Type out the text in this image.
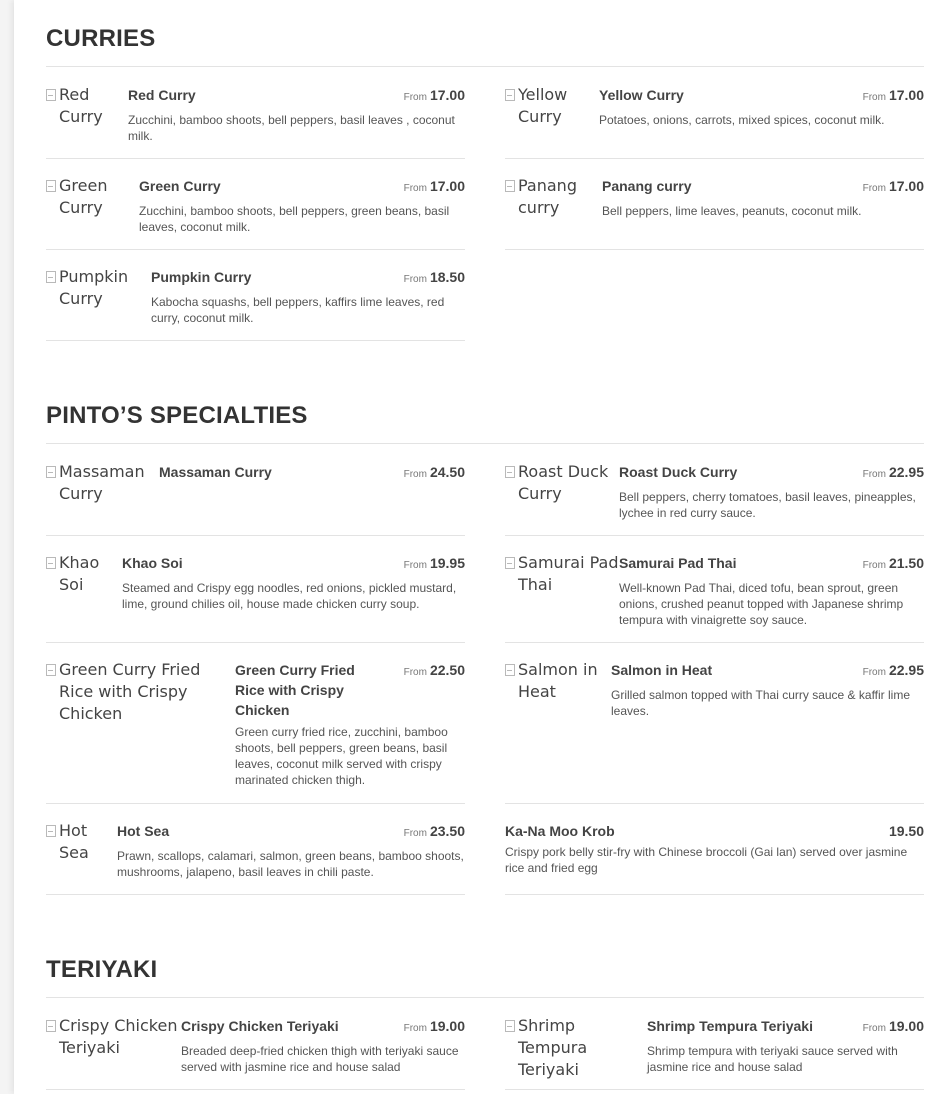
CURRIES
Red Curry
Red Curry	From 17.00
Zucchini, bamboo shoots, bell peppers, basil leaves , coconut milk.
Yellow Curry
Yellow Curry	From 17.00
Potatoes, onions, carrots, mixed spices, coconut milk.
Green Curry
Green Curry	From 17.00
Zucchini, bamboo shoots, bell peppers, green beans, basil leaves, coconut milk.
Panang curry
Panang curry	From 17.00
Bell peppers, lime leaves, peanuts, coconut milk.
Pumpkin Curry
Pumpkin Curry	From 18.50
Kabocha squashs, bell peppers, kaffirs lime leaves, red curry, coconut milk.
PINTO’S SPECIALTIES
Massaman Curry
Massaman Curry	From 24.50	Roast Duck Curry
Roast Duck Curry	From 22.95
Bell peppers, cherry tomatoes, basil leaves, pineapples, lychee in red curry sauce.
Khao Soi
Khao Soi	From 19.95
Steamed and Crispy egg noodles, red onions, pickled mustard, lime, ground chilies oil, house made chicken curry soup.
Samurai Pad Thai
Samurai Pad Thai	From 21.50
Well-known Pad Thai, diced tofu, bean sprout, green onions, crushed peanut topped with Japanese shrimp tempura with vinaigrette soy sauce.
Green Curry Fried Rice with Crispy Chicken
Green Curry Fried Rice with Crispy Chicken
From 22.50
Green curry fried rice, zucchini, bamboo shoots, bell peppers, green beans, basil leaves, coconut milk served with crispy marinated chicken thigh.
Salmon in Heat
Salmon in Heat	From 22.95
Grilled salmon topped with Thai curry sauce & kaffir lime leaves.
Hot Sea
Hot Sea	From 23.50
Prawn, scallops, calamari, salmon, green beans, bamboo shoots, mushrooms, jalapeno, basil leaves in chili paste.
Ka-Na Moo Krob	19.50
Crispy pork belly stir-fry with Chinese broccoli (Gai lan) served over jasmine rice and fried egg
TERIYAKI
Crispy Chicken Teriyaki
Crispy Chicken Teriyaki	From 19.00
Breaded deep-fried chicken thigh with teriyaki sauce served with jasmine rice and house salad
Shrimp Tempura Teriyaki
Shrimp Tempura Teriyaki	From 19.00
Shrimp tempura with teriyaki sauce served with jasmine rice and house salad
